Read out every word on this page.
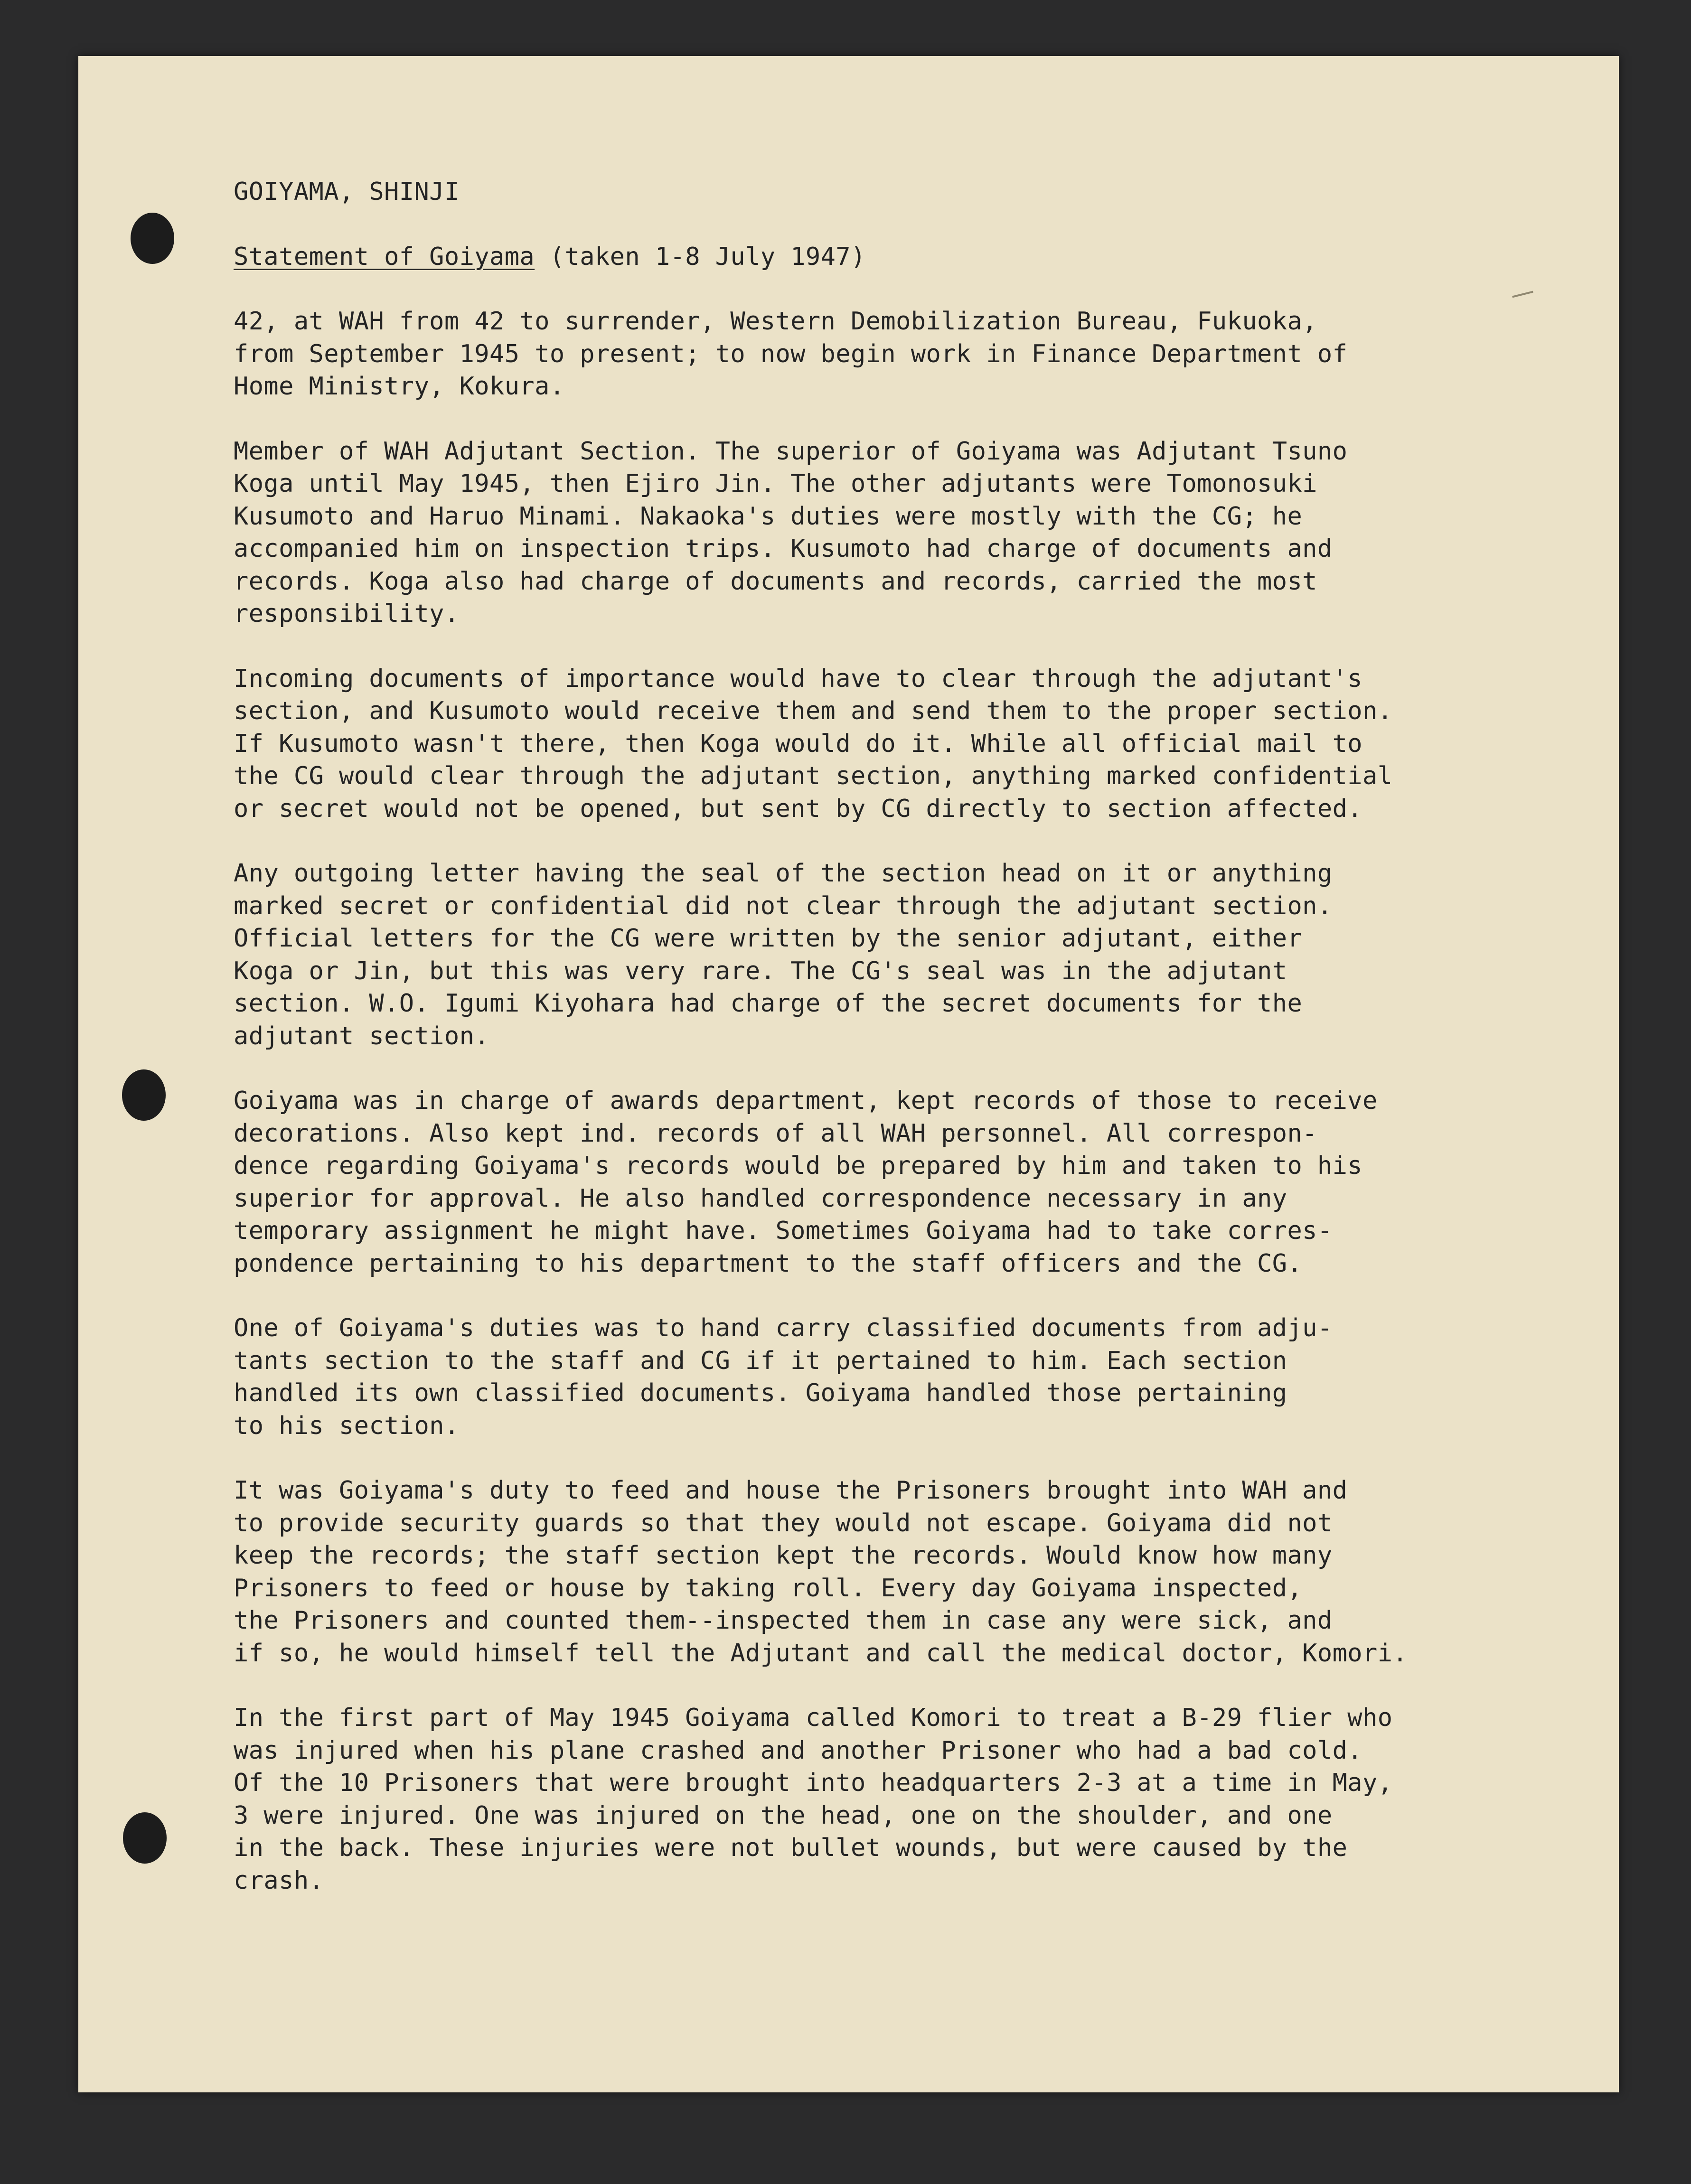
GOIYAMA, SHINJI
Statement of Goiyama (taken 1-8 July 1947)
42, at WAH from 42 to surrender, Western Demobilization Bureau, Fukuoka,
from September 1945 to present; to now begin work in Finance Department of
Home Ministry, Kokura.
Member of WAH Adjutant Section. The superior of Goiyama was Adjutant Tsuno
Koga until May 1945, then Ejiro Jin. The other adjutants were Tomonosuki
Kusumoto and Haruo Minami. Nakaoka's duties were mostly with the CG; he
accompanied him on inspection trips. Kusumoto had charge of documents and
records. Koga also had charge of documents and records, carried the most
responsibility.
Incoming documents of importance would have to clear through the adjutant's
section, and Kusumoto would receive them and send them to the proper section.
If Kusumoto wasn't there, then Koga would do it. While all official mail to
the CG would clear through the adjutant section, anything marked confidential
or secret would not be opened, but sent by CG directly to section affected.
Any outgoing letter having the seal of the section head on it or anything
marked secret or confidential did not clear through the adjutant section.
Official letters for the CG were written by the senior adjutant, either
Koga or Jin, but this was very rare. The CG's seal was in the adjutant
section. W.O. Igumi Kiyohara had charge of the secret documents for the
adjutant section.
Goiyama was in charge of awards department, kept records of those to receive
decorations. Also kept ind. records of all WAH personnel. All correspon-
dence regarding Goiyama's records would be prepared by him and taken to his
superior for approval. He also handled correspondence necessary in any
temporary assignment he might have. Sometimes Goiyama had to take corres-
pondence pertaining to his department to the staff officers and the CG.
One of Goiyama's duties was to hand carry classified documents from adju-
tants section to the staff and CG if it pertained to him. Each section
handled its own classified documents. Goiyama handled those pertaining
to his section.
It was Goiyama's duty to feed and house the Prisoners brought into WAH and
to provide security guards so that they would not escape. Goiyama did not
keep the records; the staff section kept the records. Would know how many
Prisoners to feed or house by taking roll. Every day Goiyama inspected,
the Prisoners and counted them--inspected them in case any were sick, and
if so, he would himself tell the Adjutant and call the medical doctor, Komori.
In the first part of May 1945 Goiyama called Komori to treat a B-29 flier who
was injured when his plane crashed and another Prisoner who had a bad cold.
Of the 10 Prisoners that were brought into headquarters 2-3 at a time in May,
3 were injured. One was injured on the head, one on the shoulder, and one
in the back. These injuries were not bullet wounds, but were caused by the
crash.
